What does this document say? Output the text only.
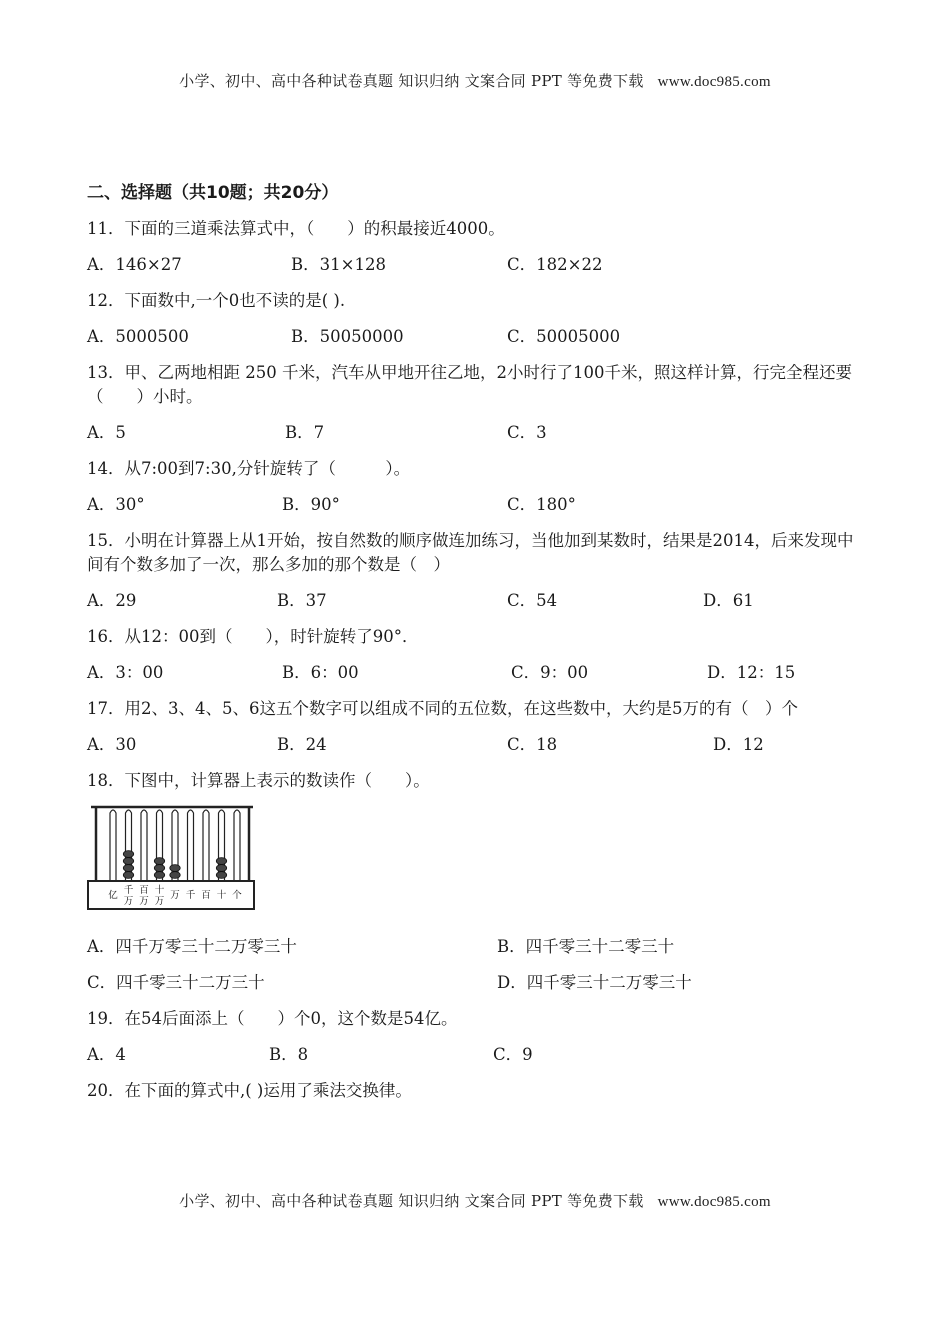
小学、初中、高中各种试卷真题 知识归纳 文案合同 PPT 等免费下载 www.doc985.com
二、选择题（共10题；共20分）
11．下面的三道乘法算式中，（　　）的积最接近4000。
A．146×27	B．31×128	C．182×22
12．下面数中,一个0也不读的是( ).
A．5000500	B．50050000	C．50005000
13．甲、乙两地相距 250 千米，汽车从甲地开往乙地，2小时行了100千米，照这样计算，行完全程还要（　　）小时。
A．5	B．7	C．3
14．从7:00到7:30,分针旋转了（　　　）。
A．30°	B．90°	C．180°
15．小明在计算器上从1开始，按自然数的顺序做连加练习，当他加到某数时，结果是2014，后来发现中间有个数多加了一次，那么多加的那个数是（　）
A．29	B．37	C．54	D．61
16．从12：00到（　　），时针旋转了90°．
A．3：00	B．6：00	C．9：00	D．12：15
17．用2、3、4、5、6这五个数字可以组成不同的五位数，在这些数中，大约是5万的有（　）个
A．30	B．24	C．18	D．12
18．下图中，计算器上表示的数读作（　　）。
亿 千
万
百
万
十
万
万 千 百 十 个
A．四千万零三十二万零三十	B．四千零三十二零三十
C．四千零三十二万三十	D．四千零三十二万零三十
19．在54后面添上（　　）个0，这个数是54亿。
A．4	B．8	C．9
20．在下面的算式中,( )运用了乘法交换律。
小学、初中、高中各种试卷真题 知识归纳 文案合同 PPT 等免费下载 www.doc985.com
